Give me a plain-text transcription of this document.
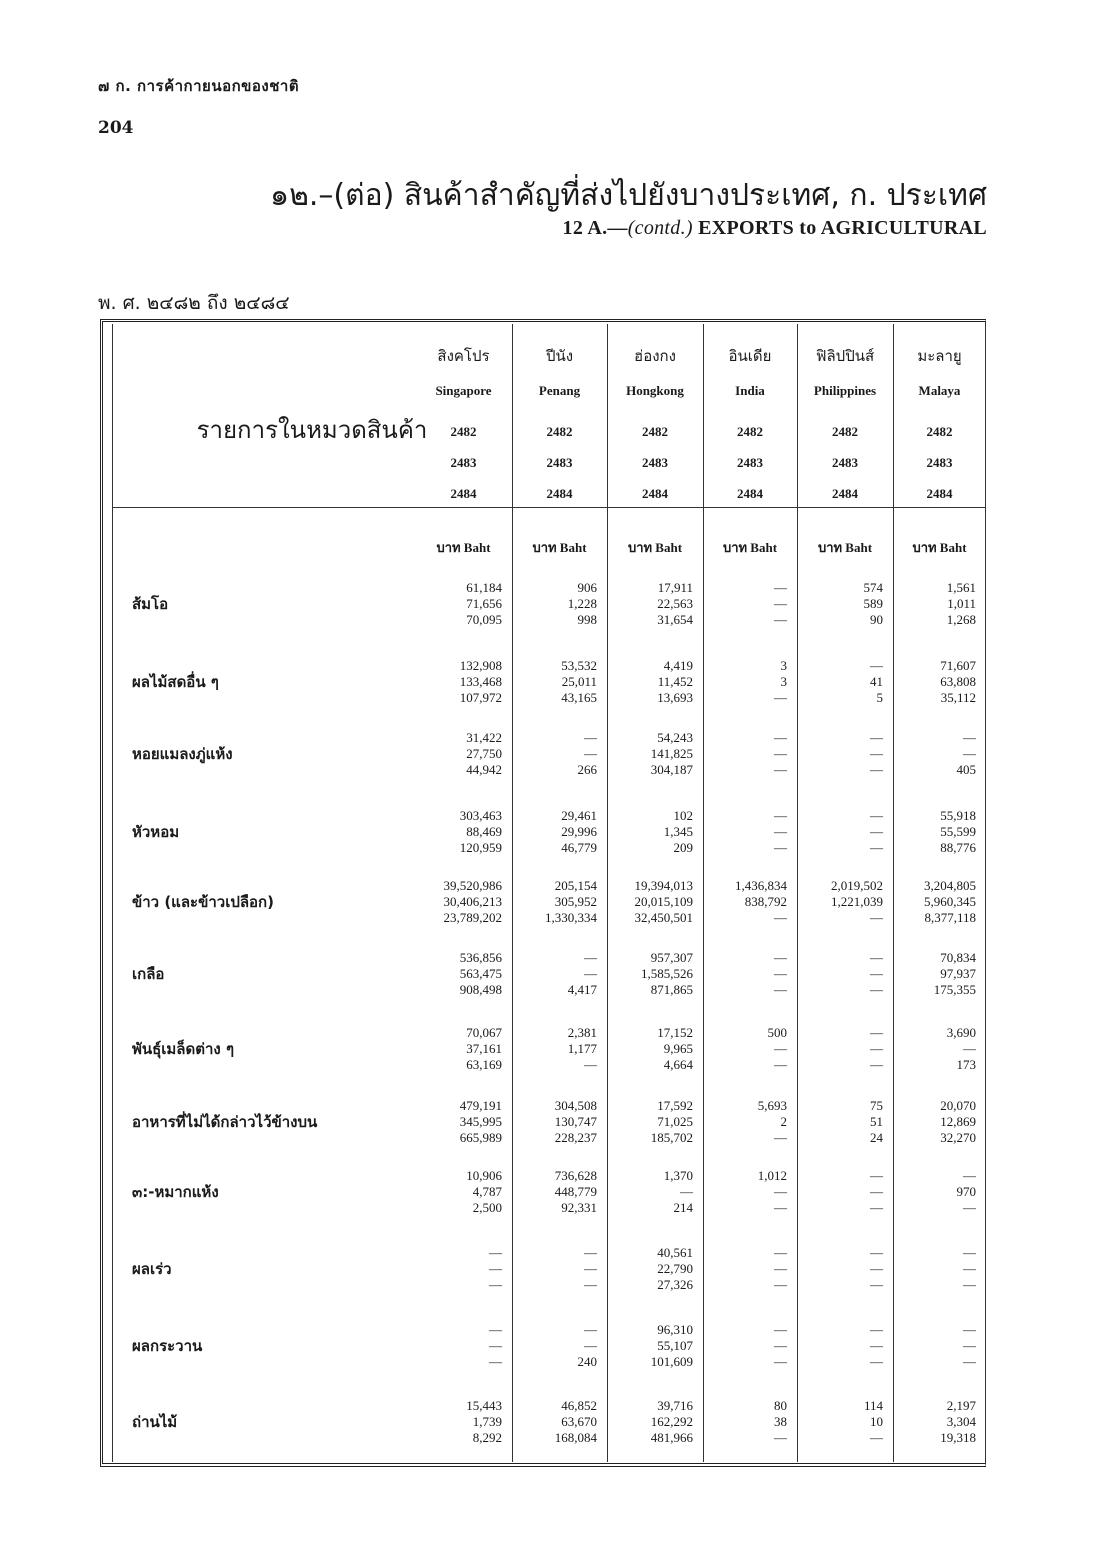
๗ ก. การค้ากายนอกของชาติ
204
๑๒.–(ต่อ) สินค้าสำคัญที่ส่งไปยังบางประเทศ, ก. ประเทศ
12 A.—(contd.) EXPORTS to AGRICULTURAL
พ. ศ. ๒๔๘๒ ถึง ๒๔๘๔
รายการในหมวดสินค้า
สิงคโปร
Singapore
2482
2483
2484
บาท Baht
ปีนัง
Penang
2482
2483
2484
บาท Baht
ฮ่องกง
Hongkong
2482
2483
2484
บาท Baht
อินเดีย
India
2482
2483
2484
บาท Baht
ฟิลิปปินส์
Philippines
2482
2483
2484
บาท Baht
มะลายู
Malaya
2482
2483
2484
บาท Baht
ส้มโอ
61,184
71,656
70,095
906
1,228
998
17,911
22,563
31,654
—
—
—
574
589
90
1,561
1,011
1,268
ผลไม้สดอื่น ๆ
132,908
133,468
107,972
53,532
25,011
43,165
4,419
11,452
13,693
3
3
—
—
41
5
71,607
63,808
35,112
หอยแมลงภู่แห้ง
31,422
27,750
44,942
—
—
266
54,243
141,825
304,187
—
—
—
—
—
—
—
—
405
หัวหอม
303,463
88,469
120,959
29,461
29,996
46,779
102
1,345
209
—
—
—
—
—
—
55,918
55,599
88,776
ข้าว (และข้าวเปลือก)
39,520,986
30,406,213
23,789,202
205,154
305,952
1,330,334
19,394,013
20,015,109
32,450,501
1,436,834
838,792
—
2,019,502
1,221,039
—
3,204,805
5,960,345
8,377,118
เกลือ
536,856
563,475
908,498
—
—
4,417
957,307
1,585,526
871,865
—
—
—
—
—
—
70,834
97,937
175,355
พันธุ์เมล็ดต่าง ๆ
70,067
37,161
63,169
2,381
1,177
—
17,152
9,965
4,664
500
—
—
—
—
—
3,690
—
173
อาหารที่ไม่ได้กล่าวไว้ข้างบน
479,191
345,995
665,989
304,508
130,747
228,237
17,592
71,025
185,702
5,693
2
—
75
51
24
20,070
12,869
32,270
๓:-หมากแห้ง
10,906
4,787
2,500
736,628
448,779
92,331
1,370
—
214
1,012
—
—
—
—
—
—
970
—
ผลเร่ว
—
—
—
—
—
—
40,561
22,790
27,326
—
—
—
—
—
—
—
—
—
ผลกระวาน
—
—
—
—
—
240
96,310
55,107
101,609
—
—
—
—
—
—
—
—
—
ถ่านไม้
15,443
1,739
8,292
46,852
63,670
168,084
39,716
162,292
481,966
80
38
—
114
10
—
2,197
3,304
19,318
